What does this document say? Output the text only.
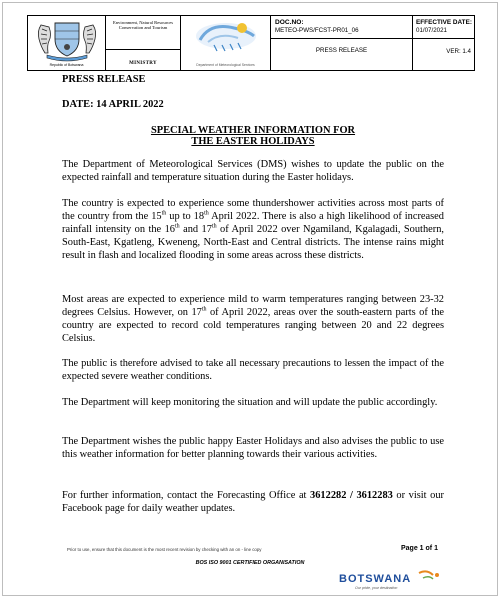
Republic of Botswana
Environment, Natural Resources Conservation and Tourism
MINISTRY	Department of Meteorological Services
DOC.NO:
METEO-PWS/FCST-PR01_06
PRESS RELEASE
EFFECTIVE DATE:
01/07/2021
VER: 1.4
PRESS RELEASE
DATE: 14 APRIL 2022
SPECIAL WEATHER INFORMATION FOR
THE EASTER HOLIDAYS
The Department of Meteorological Services (DMS) wishes to update the public on the expected rainfall and temperature situation during the Easter holidays.
The country is expected to experience some thundershower activities across most parts of the country from the 15th up to 18th April 2022. There is also a high likelihood of increased rainfall intensity on the 16th and 17th of April 2022 over Ngamiland, Kgalagadi, Southern, South-East, Kgatleng, Kweneng, North-East and Central districts. The intense rains might result in flash and localized flooding in some areas across these districts.
Most areas are expected to experience mild to warm temperatures ranging between 23-32 degrees Celsius. However, on 17th of April 2022, areas over the south-eastern parts of the country are expected to record cold temperatures ranging between 20 and 22 degrees Celsius.
The public is therefore advised to take all necessary precautions to lessen the impact of the expected severe weather conditions.
The Department will keep monitoring the situation and will update the public accordingly.
The Department wishes the public happy Easter Holidays and also advises the public to use this weather information for better planning towards their various activities.
For further information, contact the Forecasting Office at 3612282 / 3612283 or visit our Facebook page for daily weather updates.
Prior to use, ensure that this document is the most recent revision by checking with an on - line copy	Page 1 of 1
BOS ISO 9001 CERTIFIED ORGANISATION
BOTSWANA
Our pride, your destination
